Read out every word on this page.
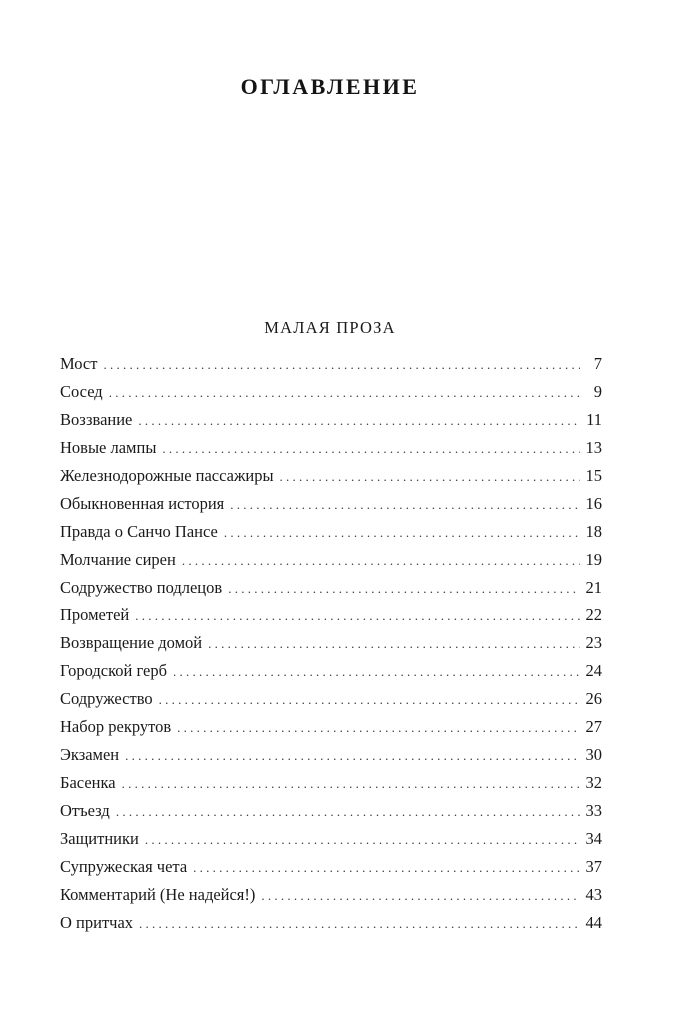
ОГЛАВЛЕНИЕ
МАЛАЯ ПРОЗА
Мост . . .	7
Сосед . . .	9
Воззвание . . .	11
Новые лампы . . .	13
Железнодорожные пассажиры . . .	15
Обыкновенная история . . .	16
Правда о Санчо Пансе . . .	18
Молчание сирен . . .	19
Содружество подлецов . . .	21
Прометей . . .	22
Возвращение домой . . .	23
Городской герб . . .	24
Содружество . . .	26
Набор рекрутов . . .	27
Экзамен . . .	30
Басенка . . .	32
Отъезд . . .	33
Защитники . . .	34
Супружеская чета . . .	37
Комментарий (Не надейся!) . . .	43
О притчах . . .	44
